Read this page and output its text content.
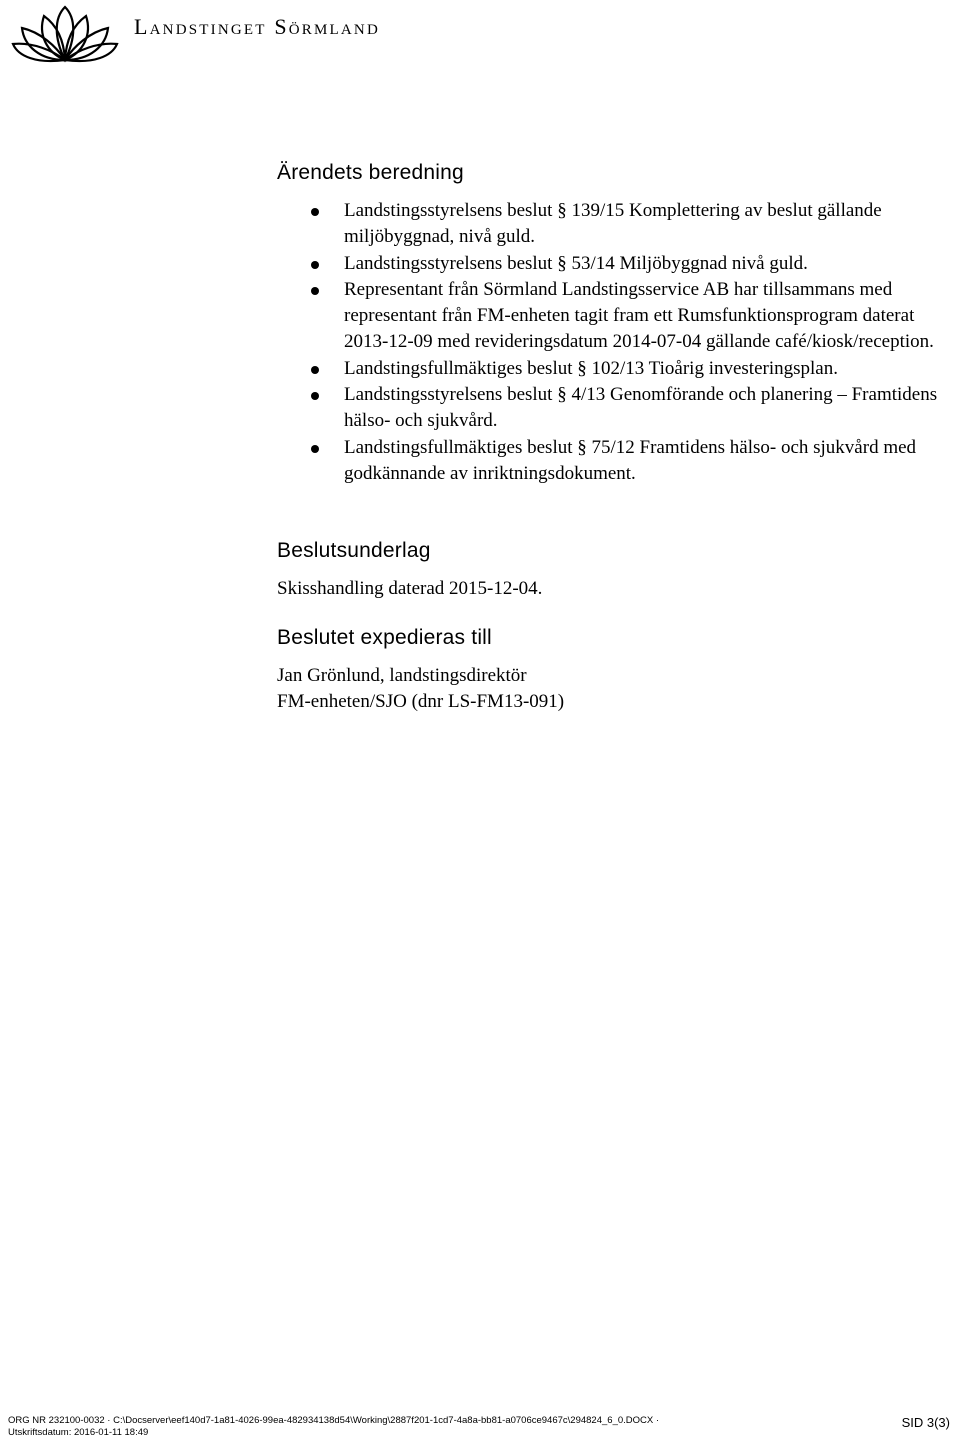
Landstinget Sörmland
Ärendets beredning
Landstingsstyrelsens beslut § 139/15 Komplettering av beslut gällande miljöbyggnad, nivå guld.
Landstingsstyrelsens beslut § 53/14 Miljöbyggnad nivå guld.
Representant från Sörmland Landstingsservice AB har tillsammans med representant från FM-enheten tagit fram ett Rumsfunktionsprogram daterat 2013-12-09 med revideringsdatum 2014-07-04 gällande café/kiosk/reception.
Landstingsfullmäktiges beslut § 102/13 Tioårig investeringsplan.
Landstingsstyrelsens beslut § 4/13 Genomförande och planering – Framtidens hälso- och sjukvård.
Landstingsfullmäktiges beslut § 75/12 Framtidens hälso- och sjukvård med godkännande av inriktningsdokument.
Beslutsunderlag
Skisshandling daterad 2015-12-04.
Beslutet expedieras till
Jan Grönlund, landstingsdirektör
FM-enheten/SJO (dnr LS-FM13-091)
ORG NR 232100-0032 · C:\Docserver\eef140d7-1a81-4026-99ea-482934138d54\Working\2887f201-1cd7-4a8a-bb81-a0706ce9467c\294824_6_0.DOCX ·
Utskriftsdatum: 2016-01-11 18:49
SID 3(3)
